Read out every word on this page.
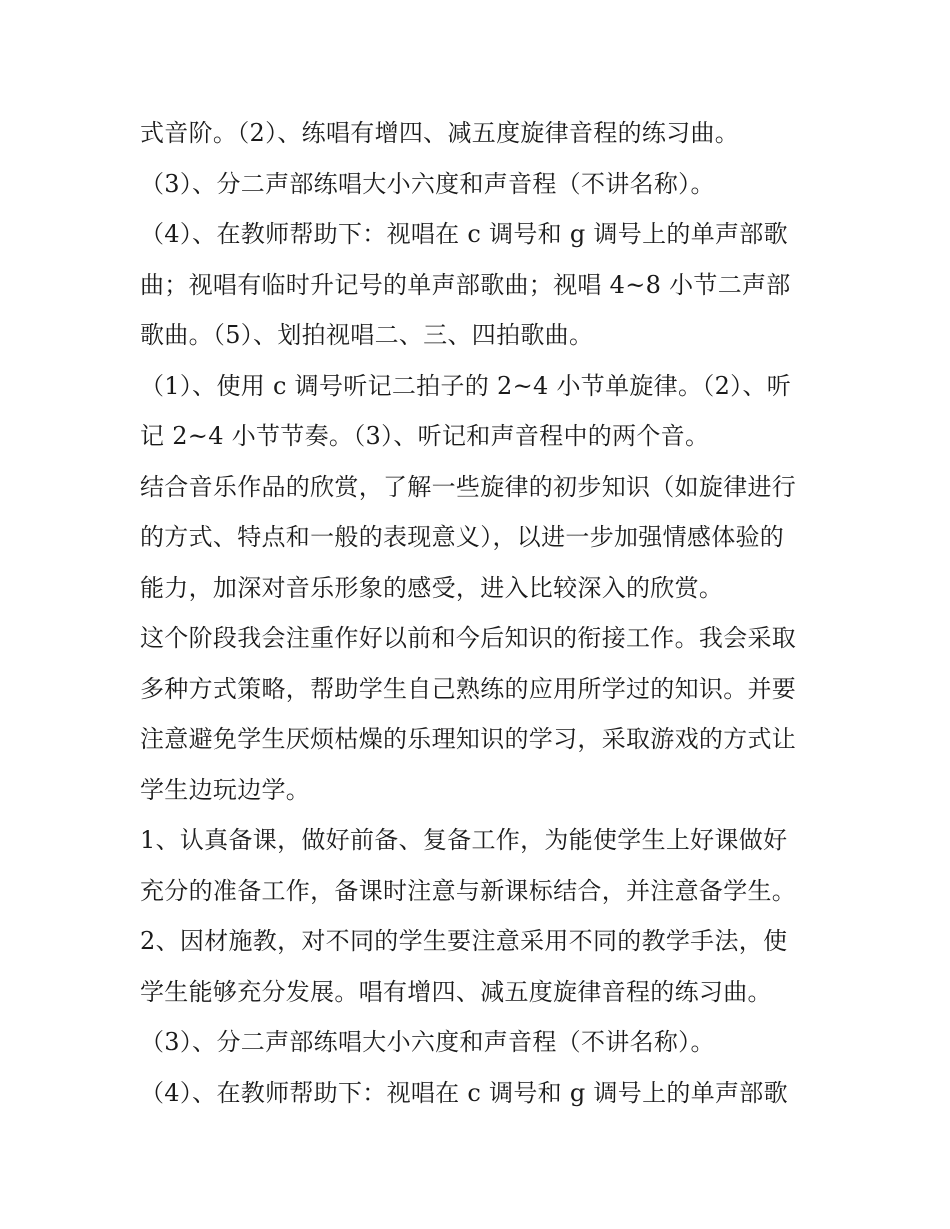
式音阶。（2）、练唱有增四、减五度旋律音程的练习曲。
（3）、分二声部练唱大小六度和声音程（不讲名称）。
（4）、在教师帮助下：视唱在 c 调号和 g 调号上的单声部歌
曲；视唱有临时升记号的单声部歌曲；视唱 4~8 小节二声部
歌曲。（5）、划拍视唱二、三、四拍歌曲。
（1）、使用 c 调号听记二拍子的 2~4 小节单旋律。（2）、听
记 2~4 小节节奏。（3）、听记和声音程中的两个音。
结合音乐作品的欣赏，了解一些旋律的初步知识（如旋律进行
的方式、特点和一般的表现意义），以进一步加强情感体验的
能力，加深对音乐形象的感受，进入比较深入的欣赏。
这个阶段我会注重作好以前和今后知识的衔接工作。我会采取
多种方式策略，帮助学生自己熟练的应用所学过的知识。并要
注意避免学生厌烦枯燥的乐理知识的学习，采取游戏的方式让
学生边玩边学。
1、认真备课，做好前备、复备工作，为能使学生上好课做好
充分的准备工作，备课时注意与新课标结合，并注意备学生。
2、因材施教，对不同的学生要注意采用不同的教学手法，使
学生能够充分发展。唱有增四、减五度旋律音程的练习曲。
（3）、分二声部练唱大小六度和声音程（不讲名称）。
（4）、在教师帮助下：视唱在 c 调号和 g 调号上的单声部歌
